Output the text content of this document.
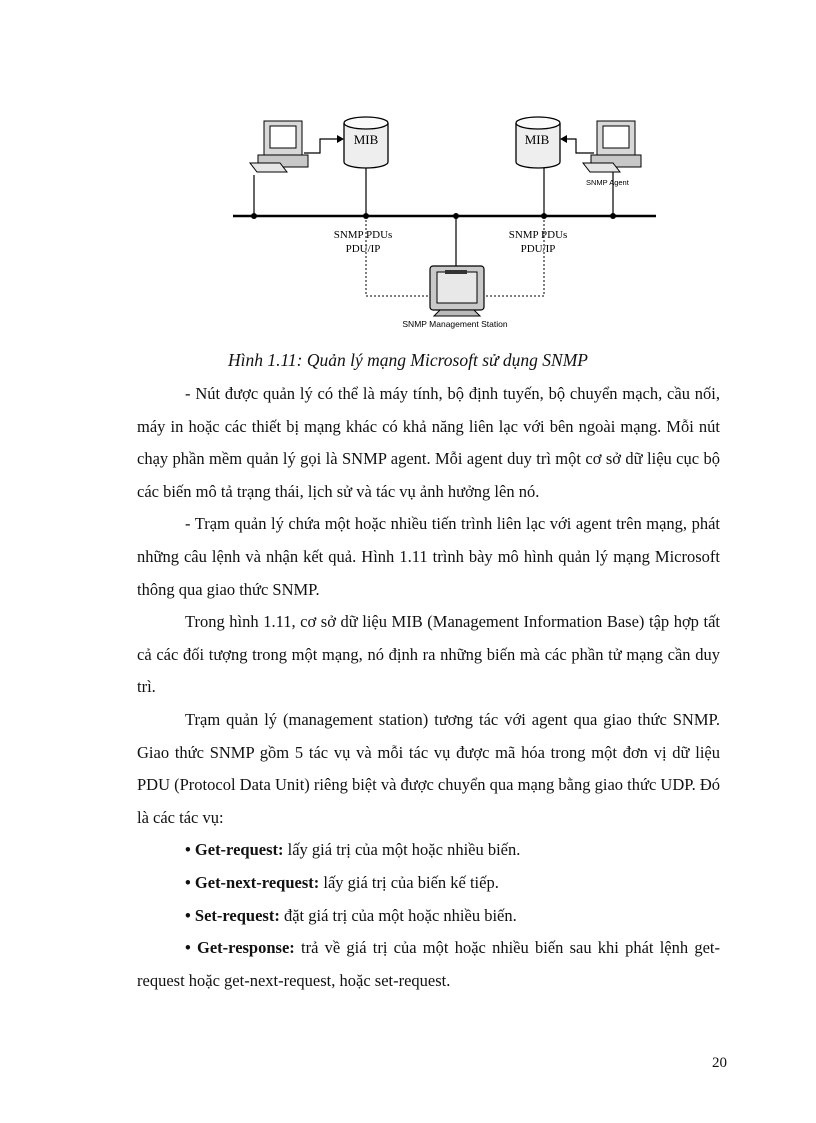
MIB	MIB
SNMP Agent
SNMP PDUs
PDU/IP
SNMP PDUs
PDU/IP
SNMP Management Station
Hình 1.11: Quản lý mạng Microsoft sử dụng SNMP

- Nút được quản lý có thể là máy tính, bộ định tuyến, bộ chuyển mạch, cầu nối, máy in hoặc các thiết bị mạng khác có khả năng liên lạc với bên ngoài mạng. Mỗi nút chạy phần mềm quản lý gọi là SNMP agent. Mỗi agent duy trì một cơ sở dữ liệu cục bộ các biến mô tả trạng thái, lịch sử và tác vụ ảnh hưởng lên nó.

- Trạm quản lý chứa một hoặc nhiều tiến trình liên lạc với agent trên mạng, phát những câu lệnh và nhận kết quả. Hình 1.11 trình bày mô hình quản lý mạng Microsoft thông qua giao thức SNMP.

Trong hình 1.11, cơ sở dữ liệu MIB (Management Information Base) tập hợp tất cả các đối tượng trong một mạng, nó định ra những biến mà các phần tử mạng cần duy trì.

Trạm quản lý (management station) tương tác với agent qua giao thức SNMP. Giao thức SNMP gồm 5 tác vụ và mỗi tác vụ được mã hóa trong một đơn vị dữ liệu PDU (Protocol Data Unit) riêng biệt và được chuyển qua mạng bằng giao thức UDP. Đó là các tác vụ:

• Get-request: lấy giá trị của một hoặc nhiều biến.

• Get-next-request: lấy giá trị của biến kế tiếp.

• Set-request: đặt giá trị của một hoặc nhiều biến.

• Get-response: trả về giá trị của một hoặc nhiều biến sau khi phát lệnh get-request hoặc get-next-request, hoặc set-request.

20
